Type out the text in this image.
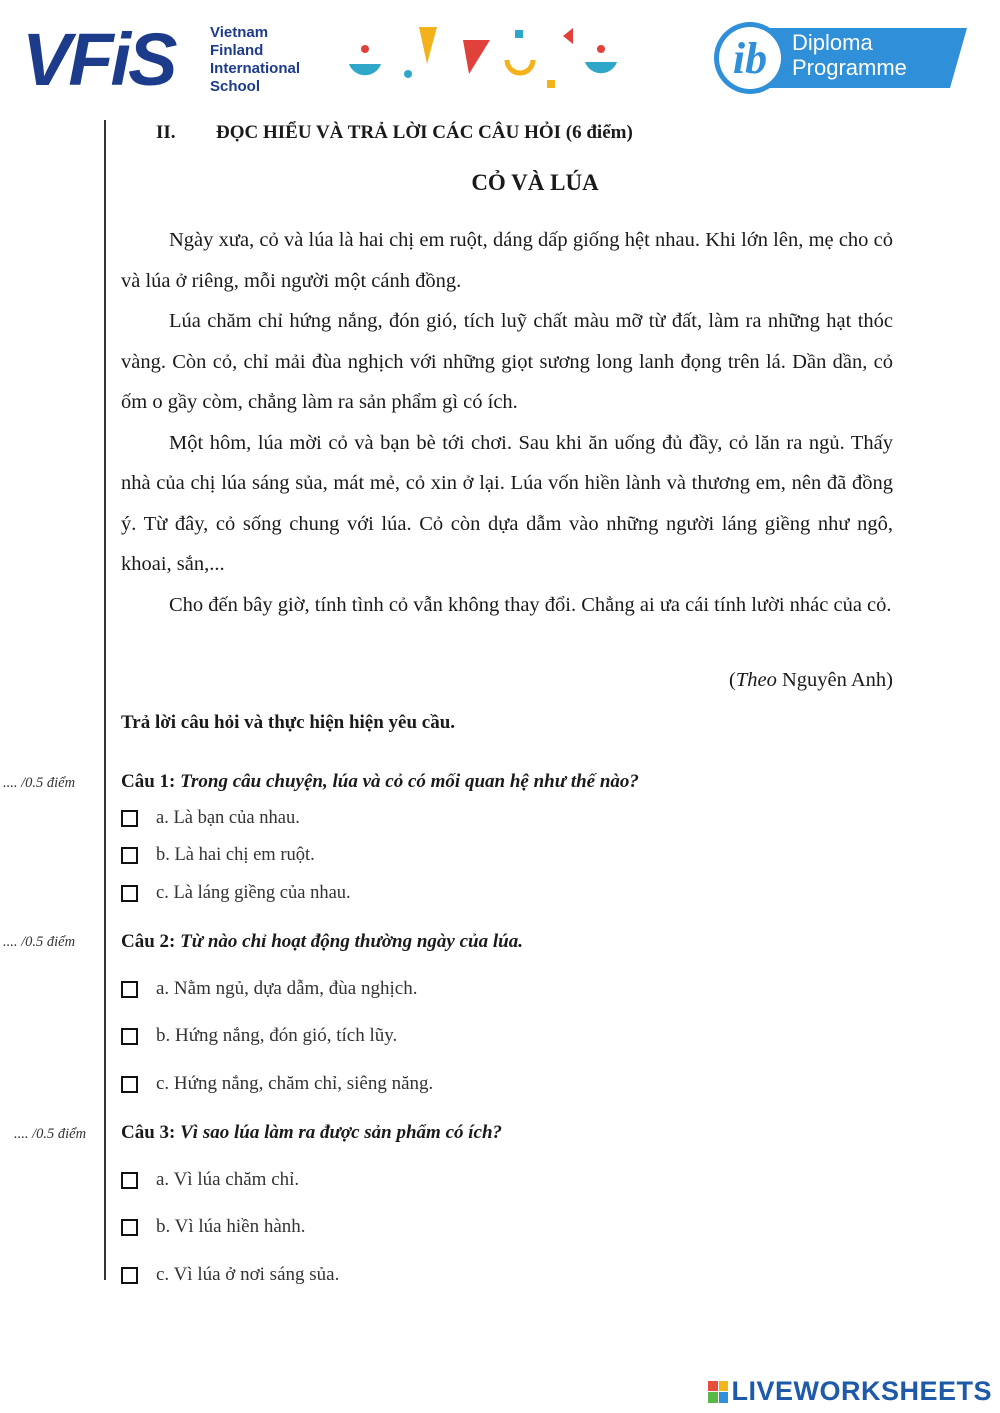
VFiS Vietnam
Finland
International
School
ib Diploma
Programme
II. ĐỌC HIỂU VÀ TRẢ LỜI CÁC CÂU HỎI (6 điểm)
CỎ VÀ LÚA

Ngày xưa, cỏ và lúa là hai chị em ruột, dáng dấp giống hệt nhau. Khi lớn lên, mẹ cho cỏ và lúa ở riêng, mỗi người một cánh đồng.

Lúa chăm chỉ hứng nắng, đón gió, tích luỹ chất màu mỡ từ đất, làm ra những hạt thóc vàng. Còn cỏ, chỉ mải đùa nghịch với những giọt sương long lanh đọng trên lá. Dần dần, cỏ ốm o gầy còm, chẳng làm ra sản phẩm gì có ích.

Một hôm, lúa mời cỏ và bạn bè tới chơi. Sau khi ăn uống đủ đầy, cỏ lăn ra ngủ. Thấy nhà của chị lúa sáng sủa, mát mẻ, cỏ xin ở lại. Lúa vốn hiền lành và thương em, nên đã đồng ý. Từ đây, cỏ sống chung với lúa. Cỏ còn dựa dẫm vào những người láng giềng như ngô, khoai, sắn,...

Cho đến bây giờ, tính tình cỏ vẫn không thay đổi. Chẳng ai ưa cái tính lười nhác của cỏ.

(Theo Nguyên Anh)
Trả lời câu hỏi và thực hiện hiện yêu cầu.
.... /0.5 điểm Câu 1: Trong câu chuyện, lúa và cỏ có mối quan hệ như thế nào?
a. Là bạn của nhau.
b. Là hai chị em ruột.
c. Là láng giềng của nhau.
.... /0.5 điểm Câu 2: Từ nào chỉ hoạt động thường ngày của lúa.
a. Nằm ngủ, dựa dẫm, đùa nghịch.
b. Hứng nắng, đón gió, tích lũy.
c. Hứng nắng, chăm chỉ, siêng năng.
.... /0.5 điểm Câu 3: Vì sao lúa làm ra được sản phẩm có ích?
a. Vì lúa chăm chỉ.
b. Vì lúa hiền hành.
c. Vì lúa ở nơi sáng sủa.
LIVEWORKSHEETS
